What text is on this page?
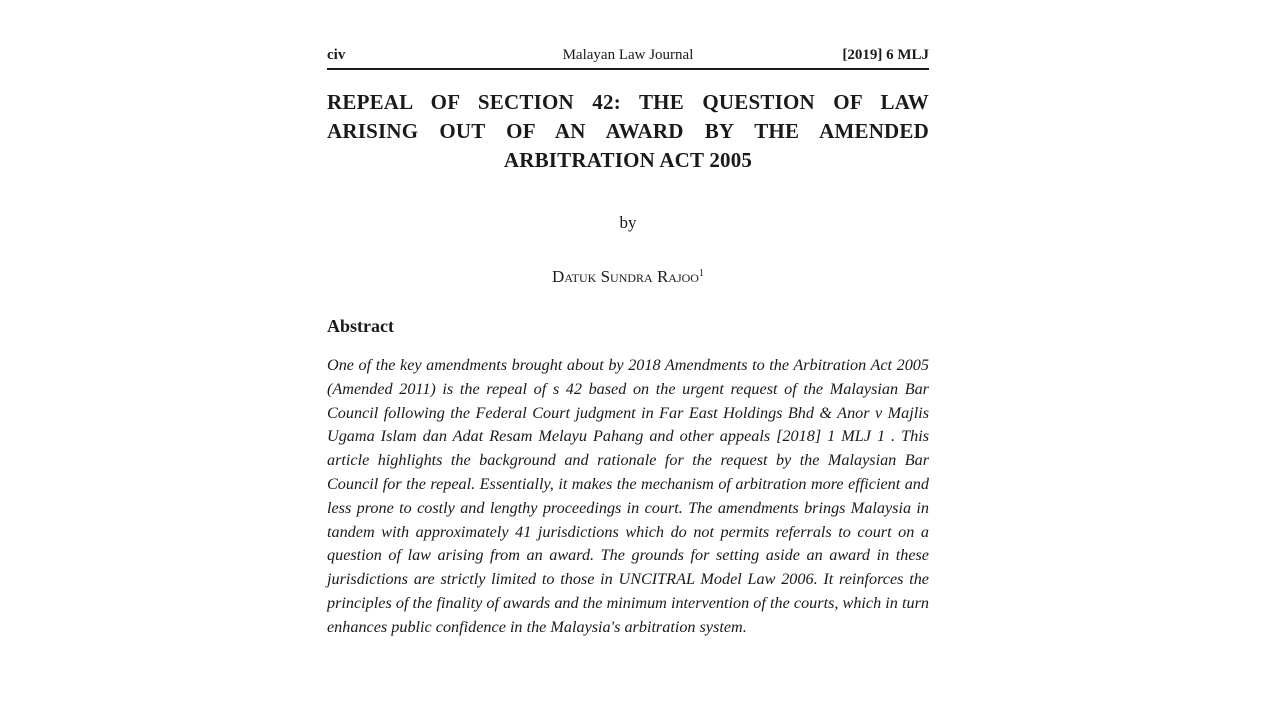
civ	Malayan Law Journal	[2019] 6 MLJ
REPEAL OF SECTION 42: THE QUESTION OF LAW ARISING OUT OF AN AWARD BY THE AMENDED ARBITRATION ACT 2005
by
Datuk Sundra Rajoo$^1$
Abstract
One of the key amendments brought about by 2018 Amendments to the Arbitration Act 2005 (Amended 2011) is the repeal of s 42 based on the urgent request of the Malaysian Bar Council following the Federal Court judgment in Far East Holdings Bhd & Anor v Majlis Ugama Islam dan Adat Resam Melayu Pahang and other appeals [2018] 1 MLJ 1 . This article highlights the background and rationale for the request by the Malaysian Bar Council for the repeal. Essentially, it makes the mechanism of arbitration more efficient and less prone to costly and lengthy proceedings in court. The amendments brings Malaysia in tandem with approximately 41 jurisdictions which do not permits referrals to court on a question of law arising from an award. The grounds for setting aside an award in these jurisdictions are strictly limited to those in UNCITRAL Model Law 2006. It reinforces the principles of the finality of awards and the minimum intervention of the courts, which in turn enhances public confidence in the Malaysia's arbitration system.
